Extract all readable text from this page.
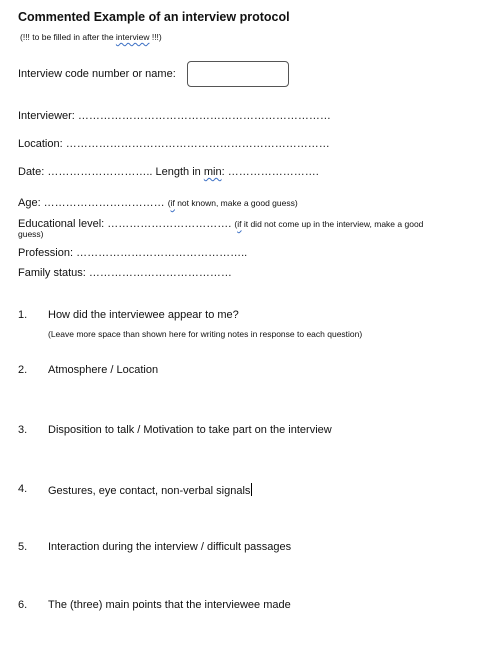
Commented Example of an interview protocol
(!!! to be filled in after the interview !!!)
Interview code number or name:
Interviewer: ……………………………………………………………
Location: ………………………………………………………………
Date: ……………………….. Length in min: …………………….
Age: …………………………… (if not known, make a good guess)
Educational level: ……………………………. (if it did not come up in the interview, make a good
guess)
Profession: ………………………………………..
Family status: …………………………………
1. How did the interviewee appear to me?
(Leave more space than shown here for writing notes in response to each question)
2. Atmosphere / Location
3. Disposition to talk / Motivation to take part on the interview
4. Gestures, eye contact, non-verbal signals
5. Interaction during the interview / difficult passages
6. The (three) main points that the interviewee made
